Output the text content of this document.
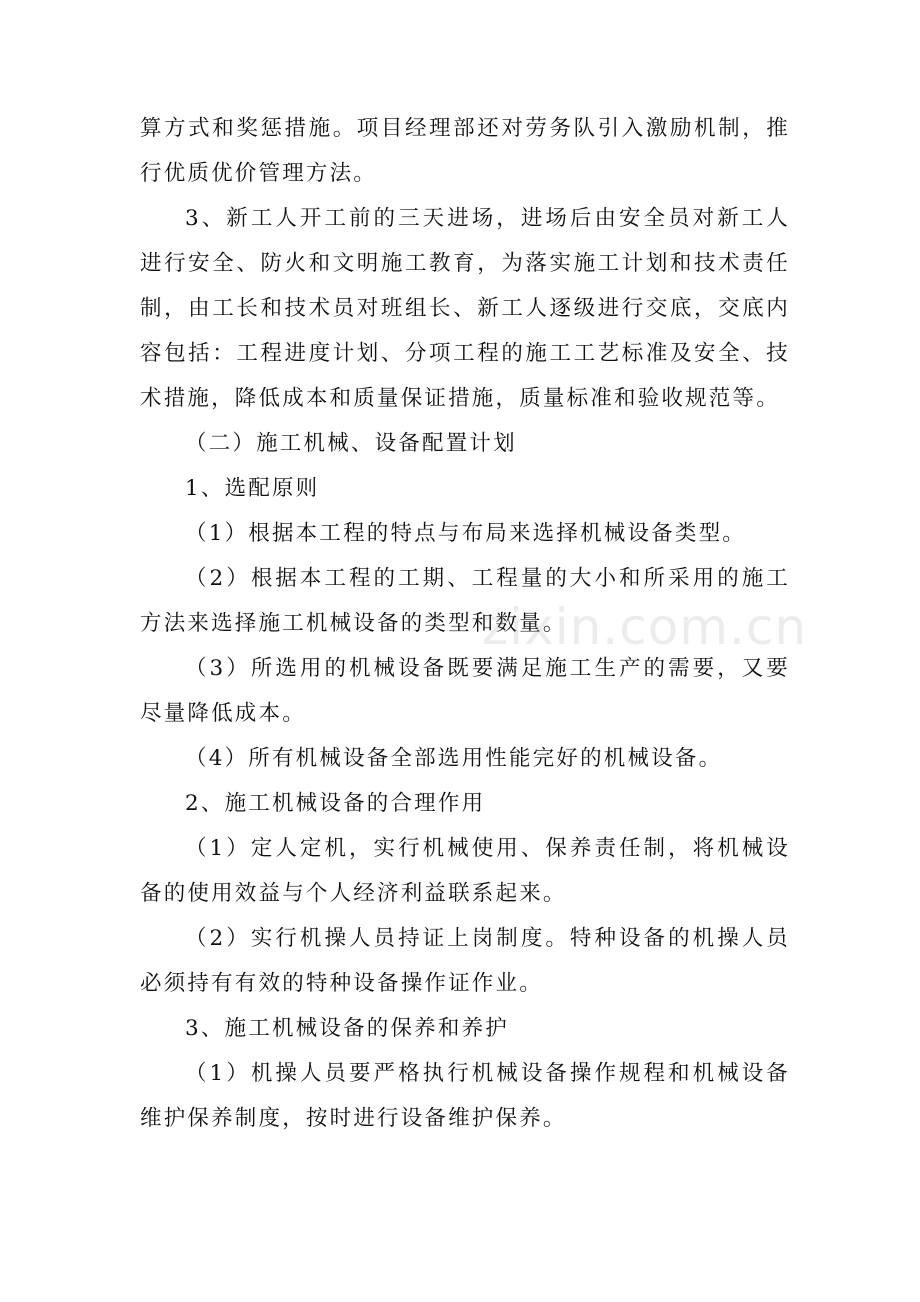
算方式和奖惩措施。项目经理部还对劳务队引入激励机制，推行优质优价管理方法。

3、新工人开工前的三天进场，进场后由安全员对新工人进行安全、防火和文明施工教育，为落实施工计划和技术责任制，由工长和技术员对班组长、新工人逐级进行交底，交底内容包括：工程进度计划、分项工程的施工工艺标准及安全、技术措施，降低成本和质量保证措施，质量标准和验收规范等。

（二）施工机械、设备配置计划

1、选配原则

（1）根据本工程的特点与布局来选择机械设备类型。

（2）根据本工程的工期、工程量的大小和所采用的施工方法来选择施工机械设备的类型和数量。

（3）所选用的机械设备既要满足施工生产的需要，又要尽量降低成本。

（4）所有机械设备全部选用性能完好的机械设备。

2、施工机械设备的合理作用

（1）定人定机，实行机械使用、保养责任制，将机械设备的使用效益与个人经济利益联系起来。

（2）实行机操人员持证上岗制度。特种设备的机操人员必须持有有效的特种设备操作证作业。

3、施工机械设备的保养和养护

（1）机操人员要严格执行机械设备操作规程和机械设备维护保养制度，按时进行设备维护保养。

zixin.com.cn
